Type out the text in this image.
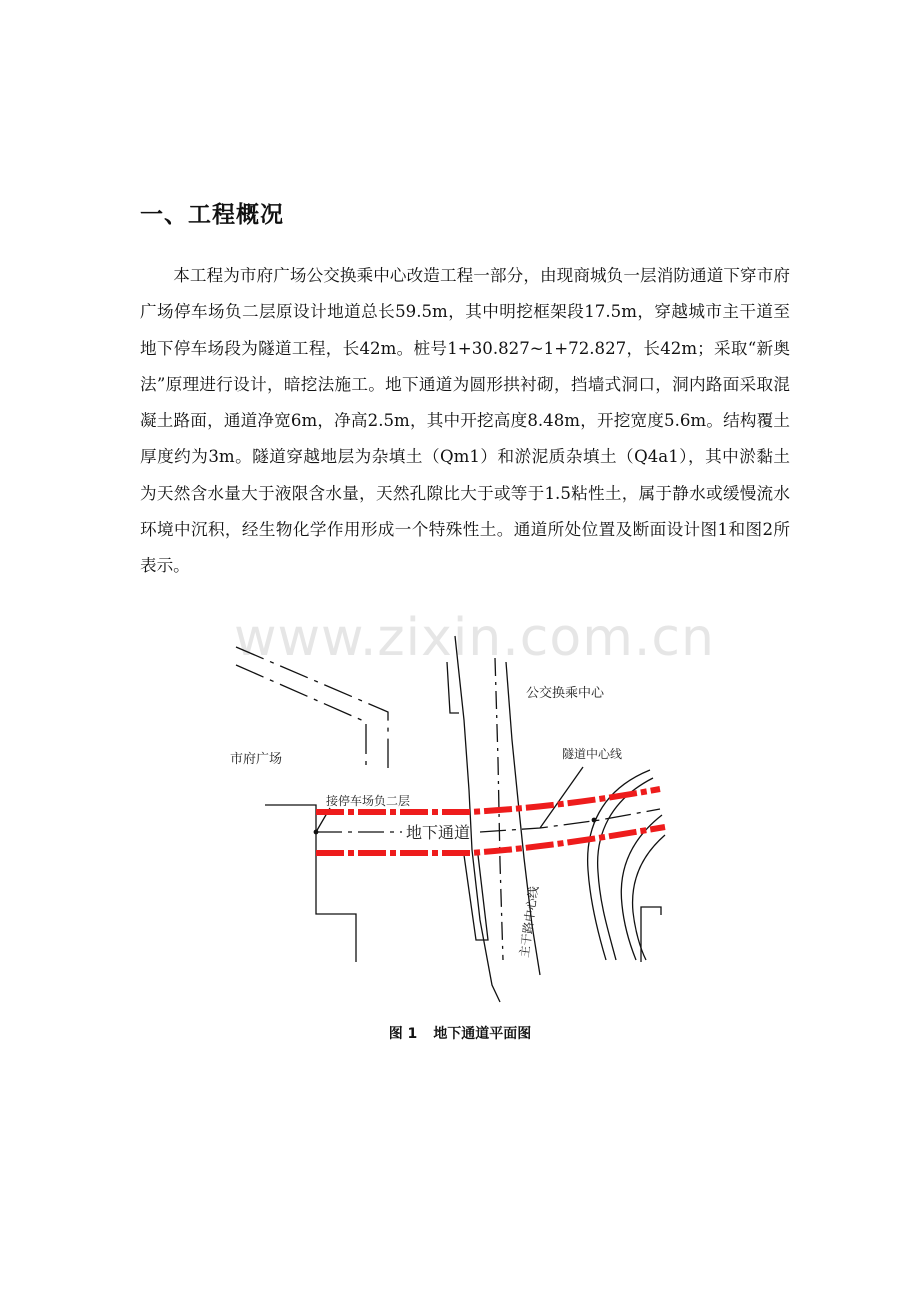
一、工程概况
本工程为市府广场公交换乘中心改造工程一部分，由现商城负一层消防通道下穿市府广场停车场负二层原设计地道总长59.5m，其中明挖框架段17.5m，穿越城市主干道至地下停车场段为隧道工程，长42m。桩号1+30.827~1+72.827，长42m；采取“新奥法”原理进行设计，暗挖法施工。地下通道为圆形拱衬砌，挡墙式洞口，洞内路面采取混凝土路面，通道净宽6m，净高2.5m，其中开挖高度8.48m，开挖宽度5.6m。结构覆土厚度约为3m。隧道穿越地层为杂填土（Qm1）和淤泥质杂填土（Q4a1），其中淤黏土为天然含水量大于液限含水量，天然孔隙比大于或等于1.5粘性土，属于静水或缓慢流水环境中沉积，经生物化学作用形成一个特殊性土。通道所处位置及断面设计图1和图2所表示。
www.zixin.com.cn
市府广场
公交换乘中心
隧道中心线
接停车场负二层
地下通道
主干路中心线
图 1 地下通道平面图
